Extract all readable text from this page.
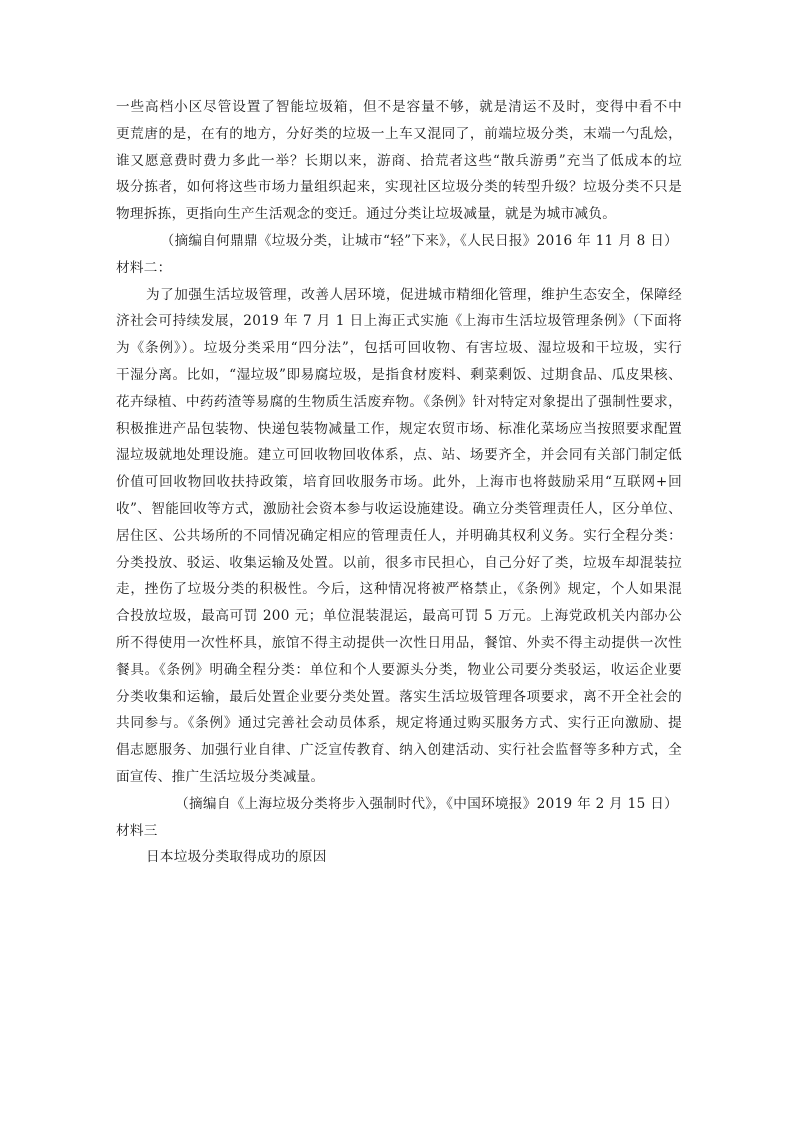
一些高档小区尽管设置了智能垃圾箱，但不是容量不够，就是清运不及时，变得中看不中
更荒唐的是，在有的地方，分好类的垃圾一上车又混同了，前端垃圾分类，末端一勺乱烩，
谁又愿意费时费力多此一举？长期以来，游商、拾荒者这些“散兵游勇”充当了低成本的垃
圾分拣者，如何将这些市场力量组织起来，实现社区垃圾分类的转型升级？垃圾分类不只是
物理拆拣，更指向生产生活观念的变迁。通过分类让垃圾减量，就是为城市减负。
（摘编自何鼎鼎《垃圾分类，让城市“轻”下来》，《人民日报》2016 年 11 月 8 日）
材料二：
为了加强生活垃圾管理，改善人居环境，促进城市精细化管理，维护生态安全，保障经
济社会可持续发展，2019 年 7 月 1 日上海正式实施《上海市生活垃圾管理条例》（下面将
为《条例》）。垃圾分类采用“四分法”，包括可回收物、有害垃圾、湿垃圾和干垃圾，实行
干湿分离。比如，“湿垃圾”即易腐垃圾，是指食材废料、剩菜剩饭、过期食品、瓜皮果核、
花卉绿植、中药药渣等易腐的生物质生活废弃物。《条例》针对特定对象提出了强制性要求，
积极推进产品包装物、快递包装物减量工作，规定农贸市场、标准化菜场应当按照要求配置
湿垃圾就地处理设施。建立可回收物回收体系，点、站、场要齐全，并会同有关部门制定低
价值可回收物回收扶持政策，培育回收服务市场。此外，上海市也将鼓励采用“互联网+回
收”、智能回收等方式，激励社会资本参与收运设施建设。确立分类管理责任人，区分单位、
居住区、公共场所的不同情况确定相应的管理责任人，并明确其权利义务。实行全程分类：
分类投放、驳运、收集运输及处置。以前，很多市民担心，自己分好了类，垃圾车却混装拉
走，挫伤了垃圾分类的积极性。今后，这种情况将被严格禁止，《条例》规定，个人如果混
合投放垃圾，最高可罚 200 元；单位混装混运，最高可罚 5 万元。上海党政机关内部办公
所不得使用一次性杯具，旅馆不得主动提供一次性日用品，餐馆、外卖不得主动提供一次性
餐具。《条例》明确全程分类：单位和个人要源头分类，物业公司要分类驳运，收运企业要
分类收集和运输，最后处置企业要分类处置。落实生活垃圾管理各项要求，离不开全社会的
共同参与。《条例》通过完善社会动员体系，规定将通过购买服务方式、实行正向激励、提
倡志愿服务、加强行业自律、广泛宣传教育、纳入创建活动、实行社会监督等多种方式，全
面宣传、推广生活垃圾分类减量。
（摘编自《上海垃圾分类将步入强制时代》，《中国环境报》2019 年 2 月 15 日）
材料三
日本垃圾分类取得成功的原因
